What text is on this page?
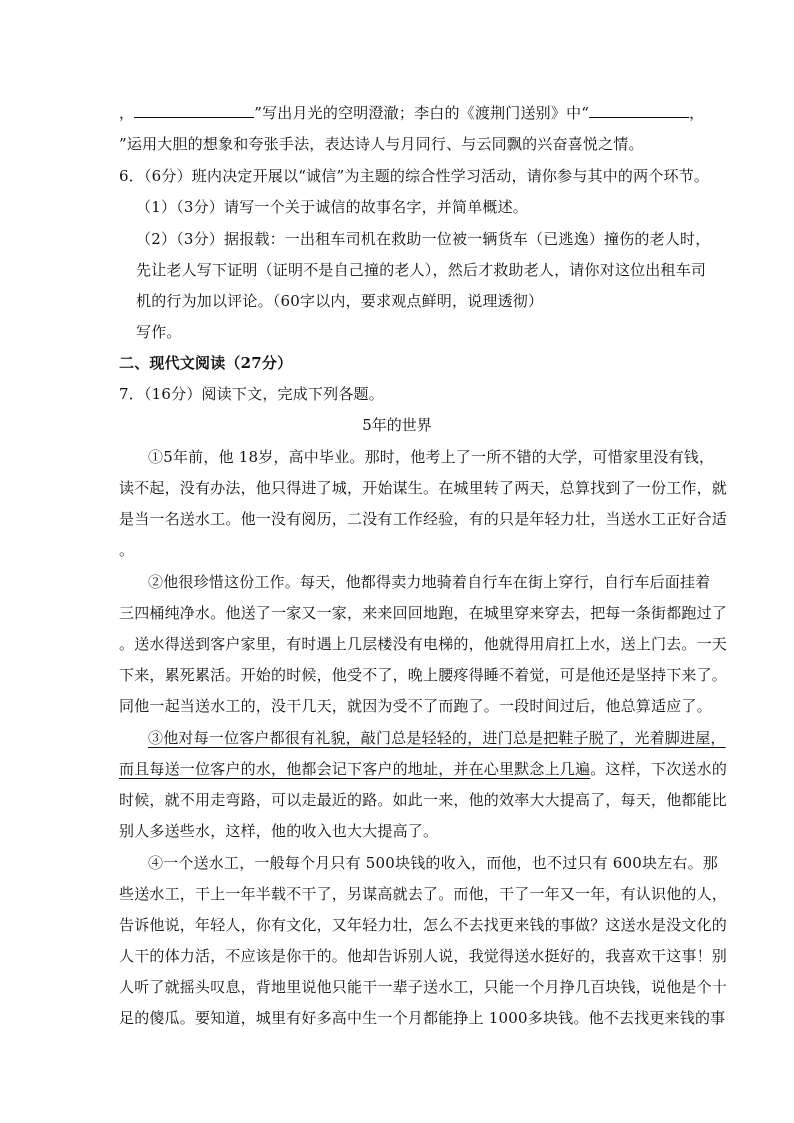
，	”写出月光的空明澄澈；李白的《渡荆门送别》中“	，
”运用大胆的想象和夸张手法，表达诗人与月同行、与云同飘的兴奋喜悦之情。
6．（6分）班内决定开展以“诚信”为主题的综合性学习活动，请你参与其中的两个环节。
（1）（3分）请写一个关于诚信的故事名字，并简单概述。
（2）（3分）据报载：一出租车司机在救助一位被一辆货车（已逃逸）撞伤的老人时，
先让老人写下证明（证明不是自己撞的老人），然后才救助老人，请你对这位出租车司
机的行为加以评论。（60字以内，要求观点鲜明，说理透彻）
写作。
二、现代文阅读（27分）
7．（16分）阅读下文，完成下列各题。
5年的世界
①5年前，他 18岁，高中毕业。那时，他考上了一所不错的大学，可惜家里没有钱，
读不起，没有办法，他只得进了城，开始谋生。在城里转了两天，总算找到了一份工作，就
是当一名送水工。他一没有阅历，二没有工作经验，有的只是年轻力壮，当送水工正好合适
。
②他很珍惜这份工作。每天，他都得卖力地骑着自行车在街上穿行，自行车后面挂着
三四桶纯净水。他送了一家又一家，来来回回地跑，在城里穿来穿去，把每一条街都跑过了
。送水得送到客户家里，有时遇上几层楼没有电梯的，他就得用肩扛上水，送上门去。一天
下来，累死累活。开始的时候，他受不了，晚上腰疼得睡不着觉，可是他还是坚持下来了。
同他一起当送水工的，没干几天，就因为受不了而跑了。一段时间过后，他总算适应了。
③他对每一位客户都很有礼貌，敲门总是轻轻的，进门总是把鞋子脱了，光着脚进屋，
而且每送一位客户的水，他都会记下客户的地址，并在心里默念上几遍。这样，下次送水的
时候，就不用走弯路，可以走最近的路。如此一来，他的效率大大提高了，每天，他都能比
别人多送些水，这样，他的收入也大大提高了。
④一个送水工，一般每个月只有 500块钱的收入，而他，也不过只有 600块左右。那
些送水工，干上一年半载不干了，另谋高就去了。而他，干了一年又一年，有认识他的人，
告诉他说，年轻人，你有文化，又年轻力壮，怎么不去找更来钱的事做？这送水是没文化的
人干的体力活，不应该是你干的。他却告诉别人说，我觉得送水挺好的，我喜欢干这事！别
人听了就摇头叹息，背地里说他只能干一辈子送水工，只能一个月挣几百块钱，说他是个十
足的傻瓜。要知道，城里有好多高中生一个月都能挣上 1000多块钱。他不去找更来钱的事
